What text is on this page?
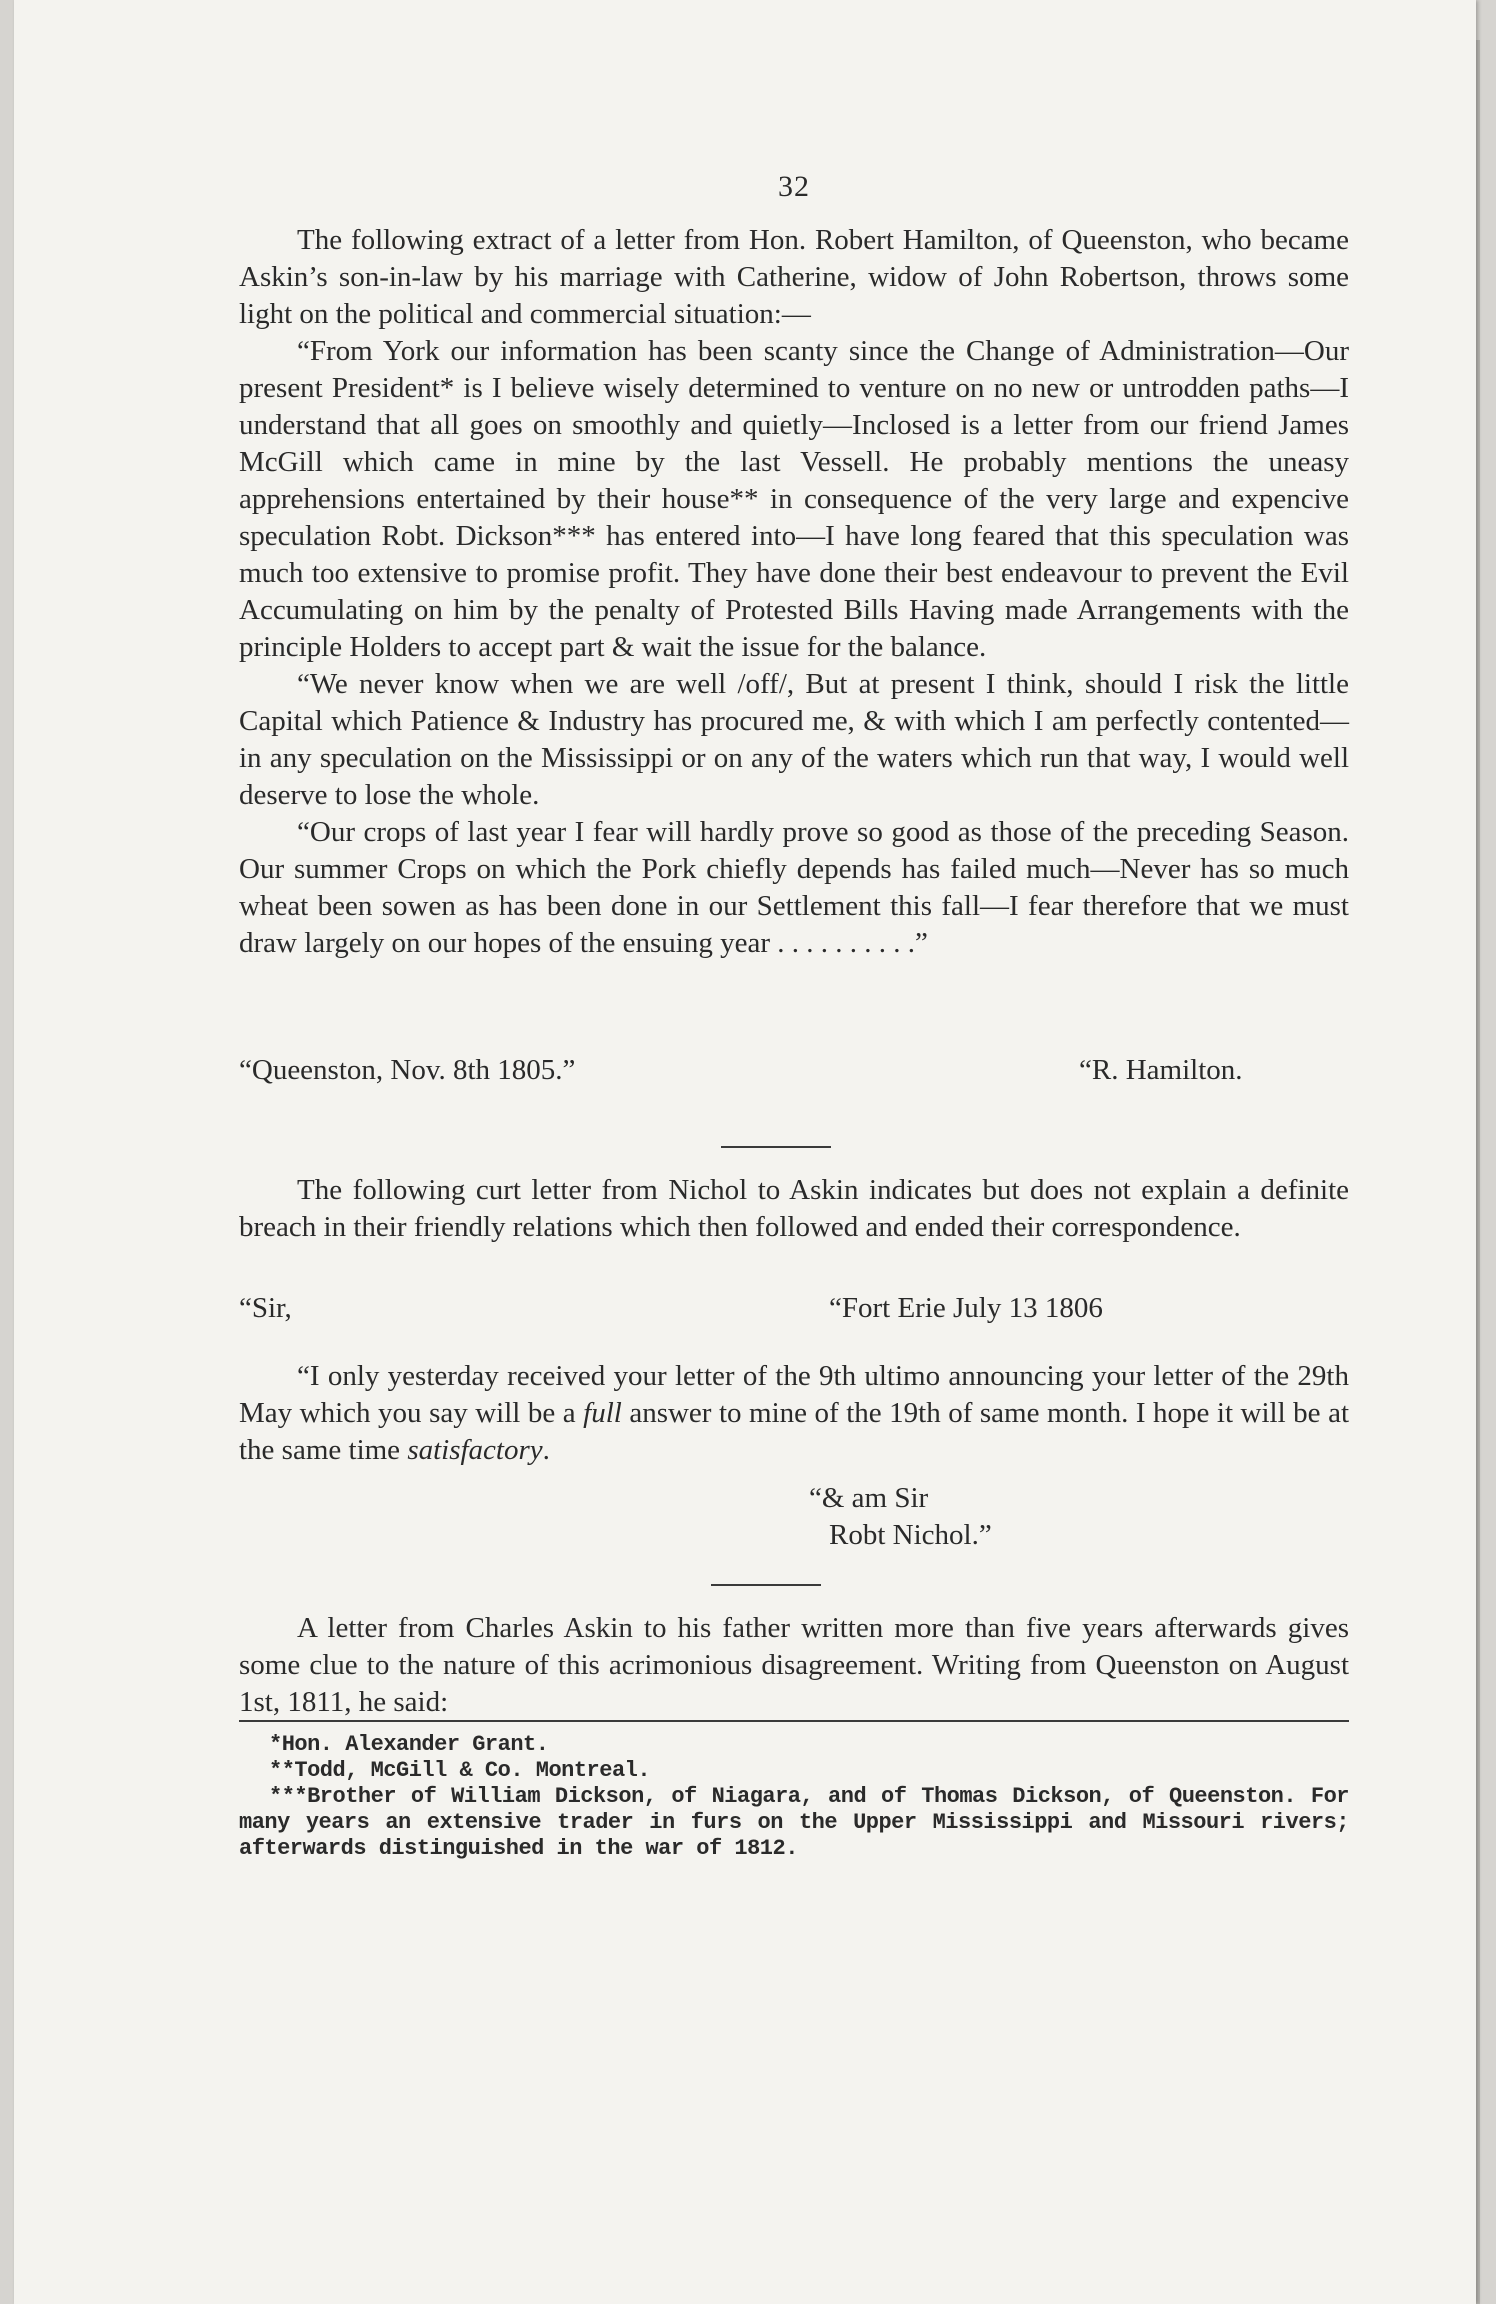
32

The following extract of a letter from Hon. Robert Hamilton, of Queenston, who became Askin’s son-in-law by his marriage with Catherine, widow of John Robertson, throws some light on the political and commercial situation:—

“From York our information has been scanty since the Change of Administration—Our present President* is I believe wisely determined to venture on no new or untrodden paths—I understand that all goes on smoothly and quietly—Inclosed is a letter from our friend James McGill which came in mine by the last Vessell. He probably mentions the uneasy apprehensions entertained by their house** in consequence of the very large and expencive speculation Robt. Dickson*** has entered into—I have long feared that this speculation was much too extensive to promise profit. They have done their best endeavour to prevent the Evil Accumulating on him by the penalty of Protested Bills Having made Arrangements with the principle Holders to accept part & wait the issue for the balance.

“We never know when we are well /off/, But at present I think, should I risk the little Capital which Patience & Industry has procured me, & with which I am perfectly contented—in any speculation on the Mississippi or on any of the waters which run that way, I would well deserve to lose the whole.

“Our crops of last year I fear will hardly prove so good as those of the preceding Season. Our summer Crops on which the Pork chiefly depends has failed much—Never has so much wheat been sowen as has been done in our Settlement this fall—I fear therefore that we must draw largely on our hopes of the ensuing year . . . . . . . . . .”

“Queenston, Nov. 8th 1805.”	“R. Hamilton.

The following curt letter from Nichol to Askin indicates but does not explain a definite breach in their friendly relations which then followed and ended their correspondence.

“Sir,	“Fort Erie July 13 1806

“I only yesterday received your letter of the 9th ultimo announcing your letter of the 29th May which you say will be a full answer to mine of the 19th of same month. I hope it will be at the same time satisfactory.

“& am Sir
Robt Nichol.”

A letter from Charles Askin to his father written more than five years afterwards gives some clue to the nature of this acrimonious disagreement. Writing from Queenston on August 1st, 1811, he said:

*Hon. Alexander Grant.
**Todd, McGill & Co. Montreal.
***Brother of William Dickson, of Niagara, and of Thomas Dickson, of Queenston. For many years an extensive trader in furs on the Upper Mississippi and Missouri rivers; afterwards distinguished in the war of 1812.
